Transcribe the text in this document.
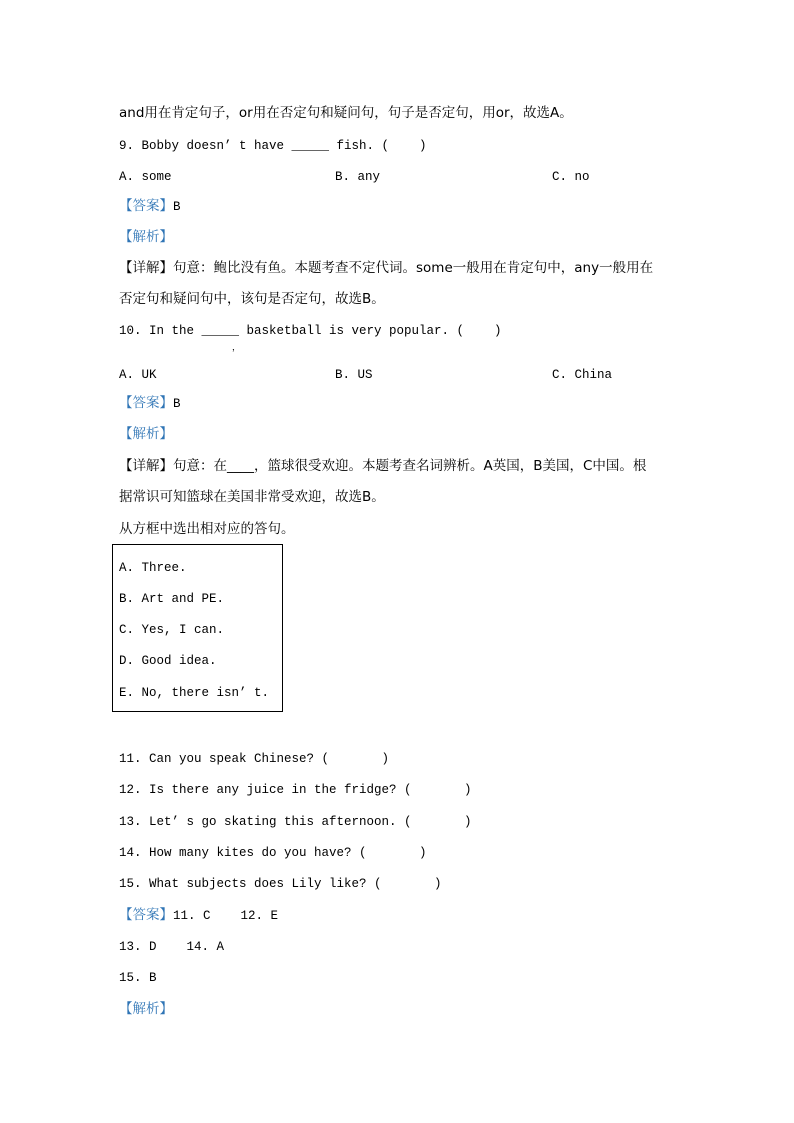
and用在肯定句子，or用在否定句和疑问句，句子是否定句，用or，故选A。
9. Bobby doesn’ t have _____ fish. (    )
A. some	B. any	C. no
【答案】B
【解析】
【详解】句意：鲍比没有鱼。本题考查不定代词。some一般用在肯定句中，any一般用在
否定句和疑问句中，该句是否定句，故选B。
10. In the _____ basketball is very popular. (    )
，
A. UK	B. US	C. China
【答案】B
【解析】
【详解】句意：在____，篮球很受欢迎。本题考查名词辨析。A英国，B美国，C中国。根
据常识可知篮球在美国非常受欢迎，故选B。
从方框中选出相对应的答句。
A. Three.
B. Art and PE.
C. Yes, I can.
D. Good idea.
E. No, there isn’ t.
11. Can you speak Chinese? (       )
12. Is there any juice in the fridge? (       )
13. Let’ s go skating this afternoon. (       )
14. How many kites do you have? (       )
15. What subjects does Lily like? (       )
【答案】11. C    12. E
13. D    14. A
15. B
【解析】
